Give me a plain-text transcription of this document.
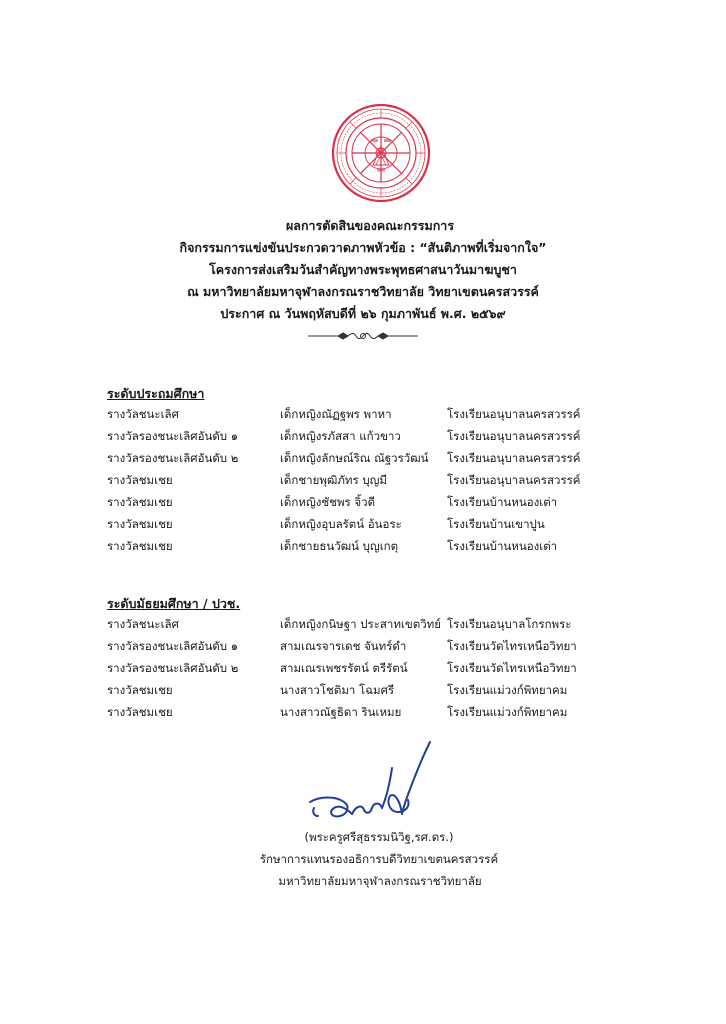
ผลการตัดสินของคณะกรรมการ
กิจกรรมการแข่งขันประกวดวาดภาพหัวข้อ : “สันติภาพที่เริ่มจากใจ”
โครงการส่งเสริมวันสำคัญทางพระพุทธศาสนาวันมาฆบูชา
ณ มหาวิทยาลัยมหาจุฬาลงกรณราชวิทยาลัย วิทยาเขตนครสวรรค์
ประกาศ ณ วันพฤหัสบดีที่ ๒๖ กุมภาพันธ์ พ.ศ. ๒๕๖๙
ระดับประถมศึกษา
รางวัลชนะเลิศ	เด็กหญิงณัฏฐพร พาหา	โรงเรียนอนุบาลนครสวรรค์
รางวัลรองชนะเลิศอันดับ ๑	เด็กหญิงรภัสสา แก้วขาว	โรงเรียนอนุบาลนครสวรรค์
รางวัลรองชนะเลิศอันดับ ๒	เด็กหญิงลักษณ์ริณ ณัฐวรวัฒน์ โรงเรียนอนุบาลนครสวรรค์
รางวัลชมเชย	เด็กชายพุฒิภัทร บุญมี	โรงเรียนอนุบาลนครสวรรค์
รางวัลชมเชย	เด็กหญิงชัชพร จิ้วดี	โรงเรียนบ้านหนองเต่า
รางวัลชมเชย	เด็กหญิงอุบลรัตน์ อ้นอระ	โรงเรียนบ้านเขาปูน
รางวัลชมเชย	เด็กชายธนวัฒน์ บุญเกตุ	โรงเรียนบ้านหนองเต่า
ระดับมัธยมศึกษา / ปวช.
รางวัลชนะเลิศ	เด็กหญิงกนิษฐา ประสาทเขตวิทย์ โรงเรียนอนุบาลโกรกพระ
รางวัลรองชนะเลิศอันดับ ๑	สามเณรจารเดช จันทร์ดำ	โรงเรียนวัดไทรเหนือวิทยา
รางวัลรองชนะเลิศอันดับ ๒	สามเณรเพชรรัตน์ ตรีรัตน์	โรงเรียนวัดไทรเหนือวิทยา
รางวัลชมเชย	นางสาวโชติมา โฉมศรี	โรงเรียนแม่วงก์พิทยาคม
รางวัลชมเชย	นางสาวณัฐธิดา รินเหมย	โรงเรียนแม่วงก์พิทยาคม
(พระครูศรีสุธรรมนิวิฐ,รศ.ดร.)
รักษาการแทนรองอธิการบดีวิทยาเขตนครสวรรค์
มหาวิทยาลัยมหาจุฬาลงกรณราชวิทยาลัย
